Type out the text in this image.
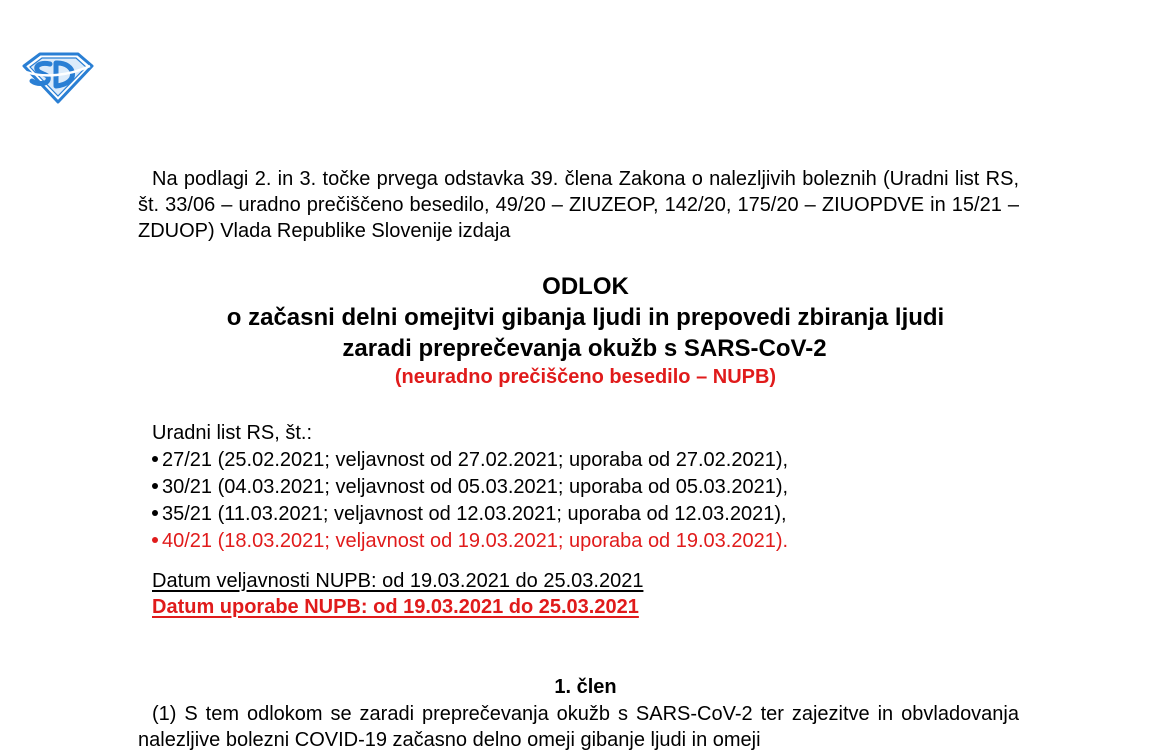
Na podlagi 2. in 3. točke prvega odstavka 39. člena Zakona o nalezljivih boleznih (Uradni list RS, št. 33/06 – uradno prečiščeno besedilo, 49/20 – ZIUZEOP, 142/20, 175/20 – ZIUOPDVE in 15/21 – ZDUOP) Vlada Republike Slovenije izdaja

ODLOK

o začasni delni omejitvi gibanja ljudi in prepovedi zbiranja ljudi

zaradi preprečevanja okužb s SARS-CoV-2

(neuradno prečiščeno besedilo – NUPB)

Uradni list RS, št.:

27/21 (25.02.2021; veljavnost od 27.02.2021; uporaba od 27.02.2021),
30/21 (04.03.2021; veljavnost od 05.03.2021; uporaba od 05.03.2021),
35/21 (11.03.2021; veljavnost od 12.03.2021; uporaba od 12.03.2021),
40/21 (18.03.2021; veljavnost od 19.03.2021; uporaba od 19.03.2021).

Datum veljavnosti NUPB: od 19.03.2021 do 25.03.2021

Datum uporabe NUPB: od 19.03.2021 do 25.03.2021

1. člen

(1) S tem odlokom se zaradi preprečevanja okužb s SARS-CoV-2 ter zajezitve in obvladovanja nalezljive bolezni COVID-19 začasno delno omeji gibanje ljudi in omeji
